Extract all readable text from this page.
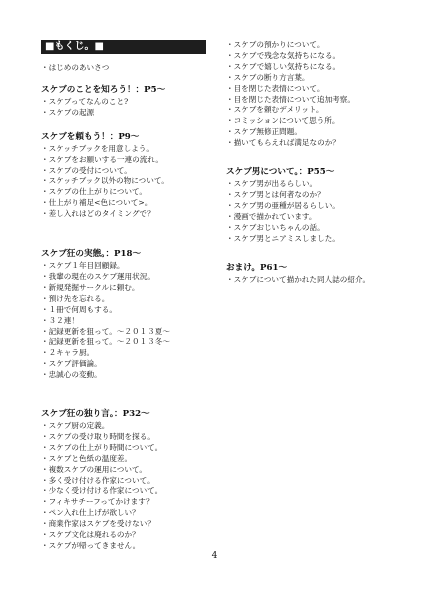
■もくじ。■
・ はじめのあいさつ
スケブのことを知ろう！：P5〜
・ スケブってなんのこと?
・ スケブの起源
スケブを頼もう！：P9〜
・ スケッチブックを用意しよう。
・ スケブをお願いする一連の流れ。
・ スケブの受付について。
・ スケッチブック以外の物について。
・ スケブの仕上がりについて。
・ 仕上がり補足<色について>。
・ 差し入れはどのタイミングで？
スケブ狂の実態。：P18〜
・ スケブ１年目回顧録。
・ 我輩の現在のスケブ運用状況。
・ 新規発掘サークルに頼む。
・ 預け先を忘れる。
・ １冊で何周もする。
・ ３２連！
・ 記録更新を狙って。〜２０１３夏〜
・ 記録更新を狙って。〜２０１３冬〜
・ ２キャラ厨。
・ スケブ評価論。
・ 忠誠心の変動。
スケブ狂の独り言。：P32〜
・ スケブ厨の定義。
・ スケブの受け取り時間を探る。
・ スケブの仕上がり時間について。
・ スケブと色紙の温度差。
・ 複数スケブの運用について。
・ 多く受け付ける作家について。
・ 少なく受け付ける作家について。
・ フィキサチーフってかけます？
・ ペン入れ仕上げが欲しい？
・ 商業作家はスケブを受けない？
・ スケブ文化は廃れるのか？
・ スケブが帰ってきません。
・ スケブの預かりについて。
・ スケブで残念な気持ちになる。
・ スケブで嬉しい気持ちになる。
・ スケブの断り方言葉。
・ 目を閉じた表情について。
・ 目を閉じた表情について追加考察。
・ スケブを頼むデメリット。
・ コミッションについて思う所。
・ スケブ無修正問題。
・ 描いてもらえれば満足なのか？
スケブ男について。：P55〜
・ スケブ男が出るらしい。
・ スケブ男とは何者なのか？
・ スケブ男の亜種が居るらしい。
・ 漫画で描かれています。
・ スケブおじいちゃんの話。
・ スケブ男とニアミスしました。
おまけ。P61〜
・ スケブについて描かれた同人誌の紹介。
4
